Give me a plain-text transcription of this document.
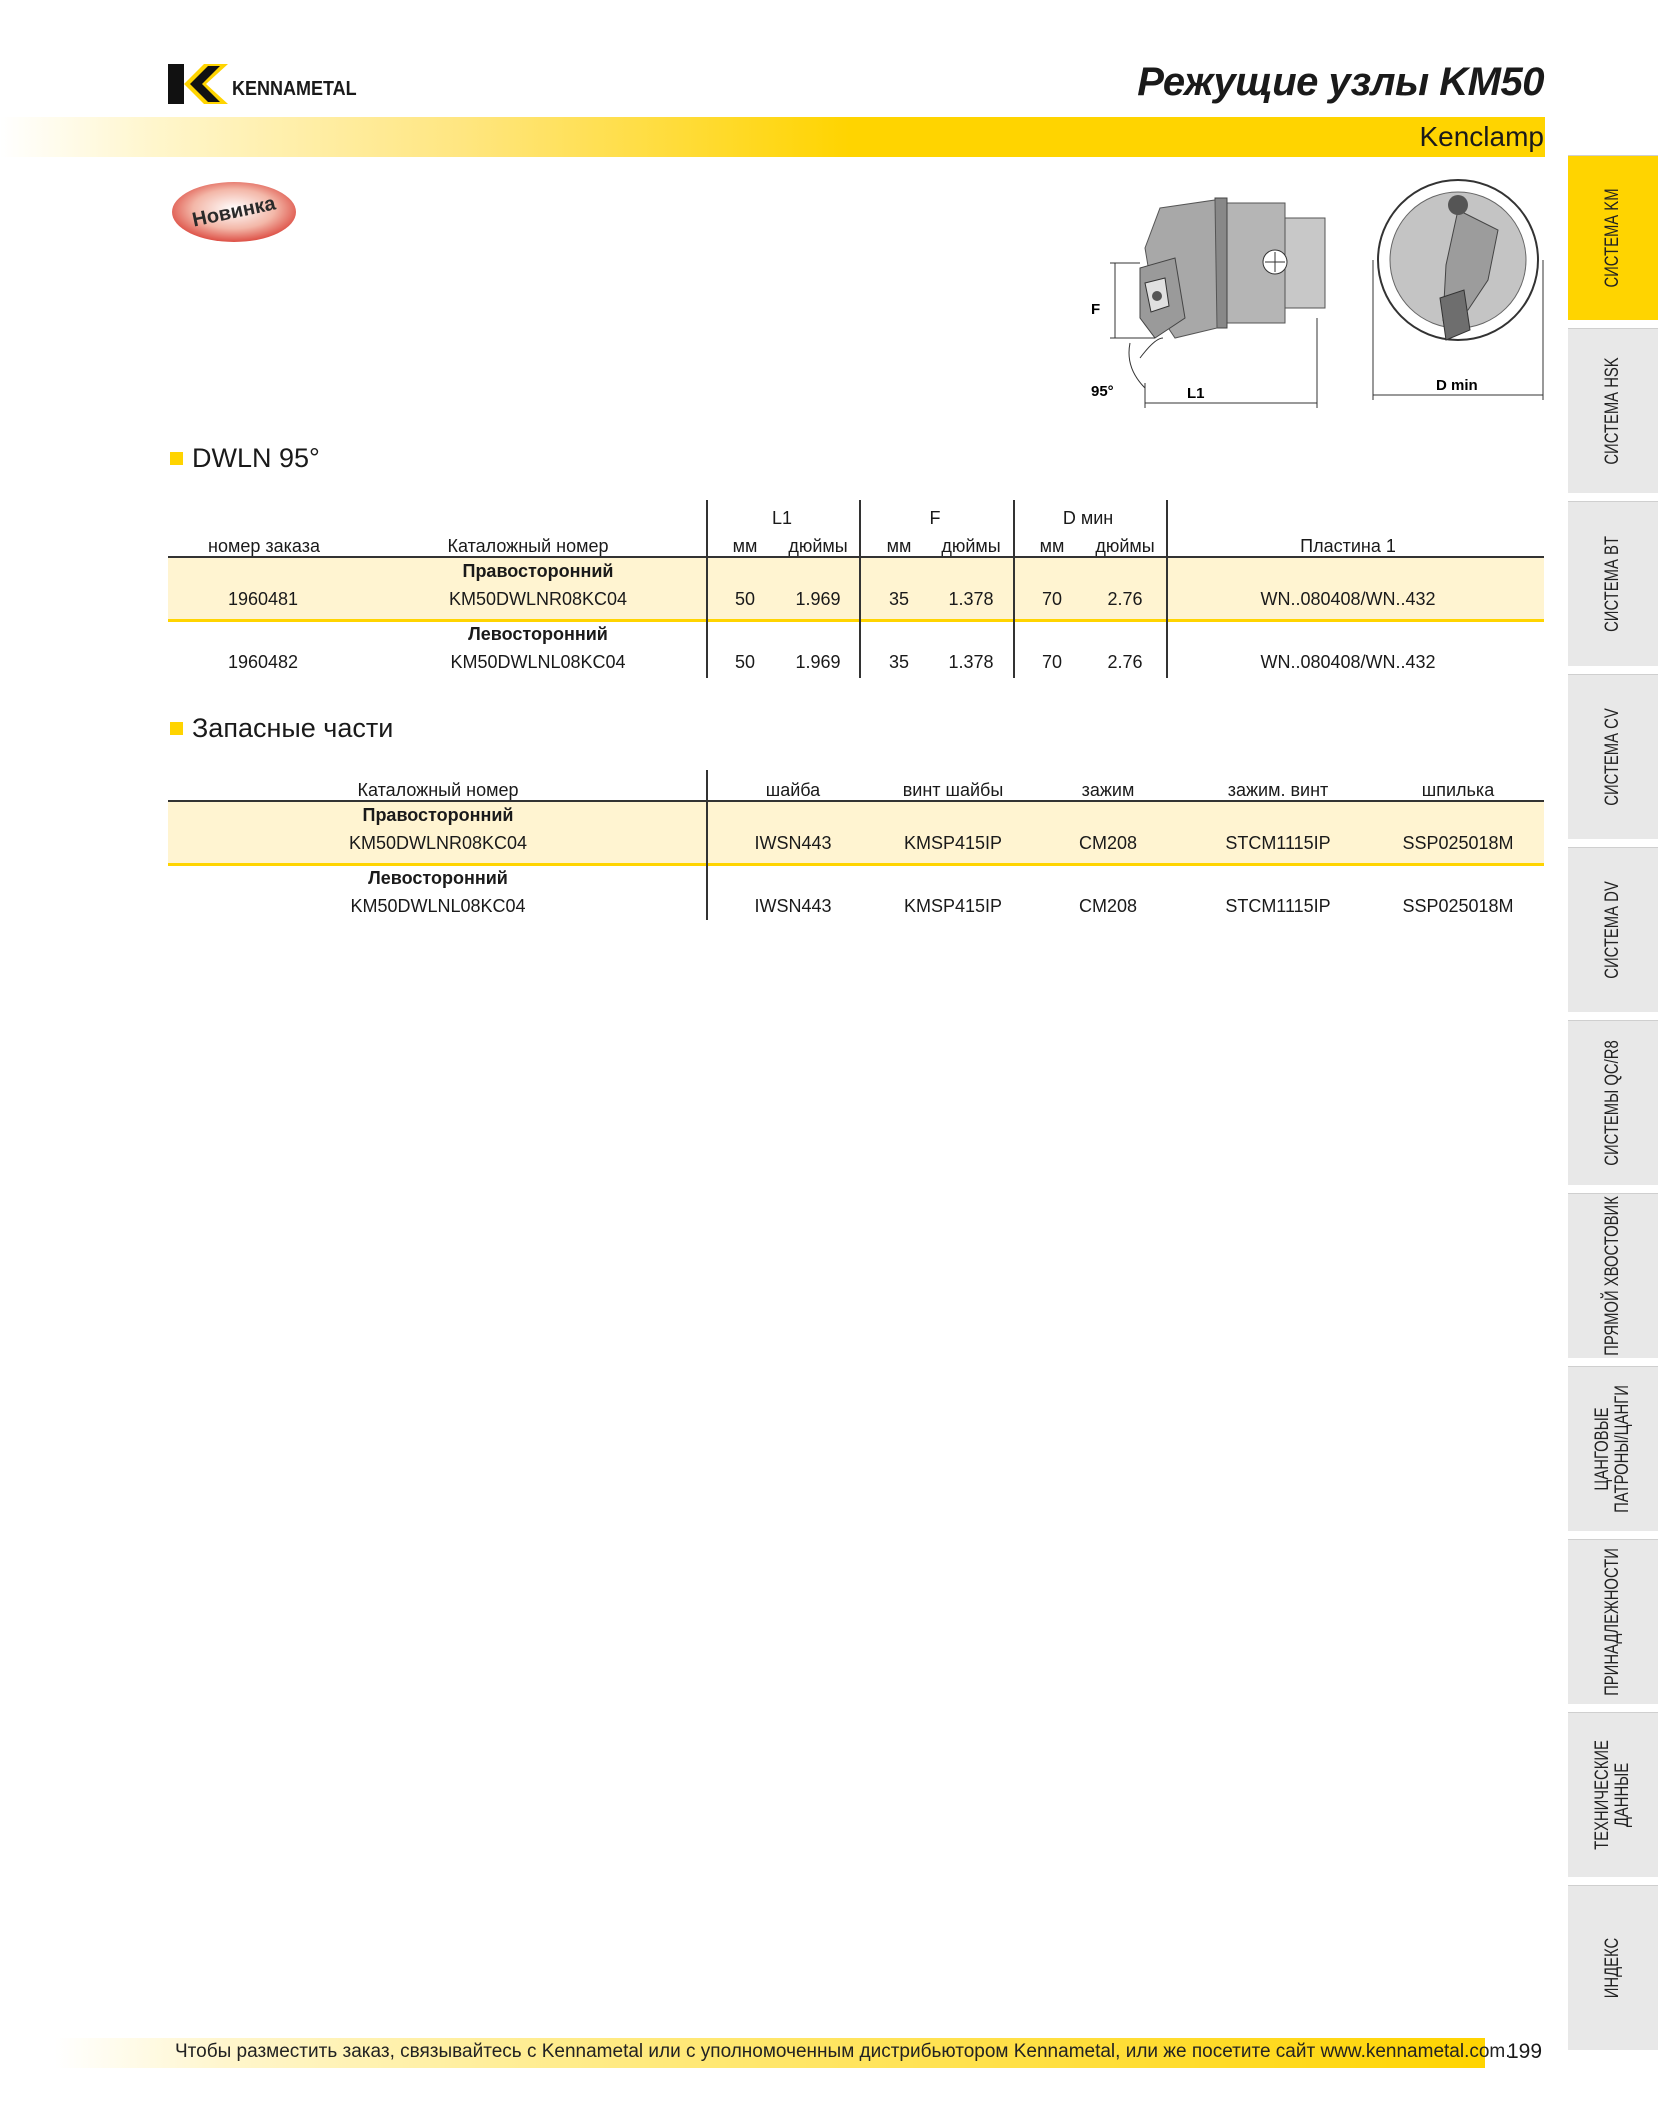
KENNAMETAL	Режущие узлы KM50
Kenclamp
Новинка
F
95°	L1	D min
DWLN 95°
L1	F	D мин
номер заказа	Каталожный номер	мм дюймы мм дюймы мм дюймы	Пластина 1
Правосторонний
1960481	KM50DWLNR08KC04	50	1.969	35	1.378	70	2.76	WN..080408/WN..432
Левосторонний
1960482	KM50DWLNL08KC04	50	1.969	35	1.378	70	2.76	WN..080408/WN..432
Запасные части
Каталожный номер	шайба	винт шайбы	зажим	зажим. винт	шпилька
Правосторонний
KM50DWLNR08KC04	IWSN443	KMSP415IP	CM208	STCM1115IP	SSP025018M
Левосторонний
KM50DWLNL08KC04	IWSN443	KMSP415IP	CM208	STCM1115IP	SSP025018M
СИСТЕМА KM
СИСТЕМА HSK
СИСТЕМА BT
СИСТЕМА CV
СИСТЕМА DV
СИСТЕМЫ QC/R8
ПРЯМОЙ ХВОСТОВИК
ЦАНГОВЫЕ
ПАТРОНЫ/ЦАНГИ
ПРИНАДЛЕЖНОСТИ
ТЕХНИЧЕСКИЕ
ДАННЫЕ
ИНДЕКС
Чтобы разместить заказ, связывайтесь с Kennametal или с уполномоченным дистрибьютором Kennametal, или же посетите сайт www.kennametal.com.
199
